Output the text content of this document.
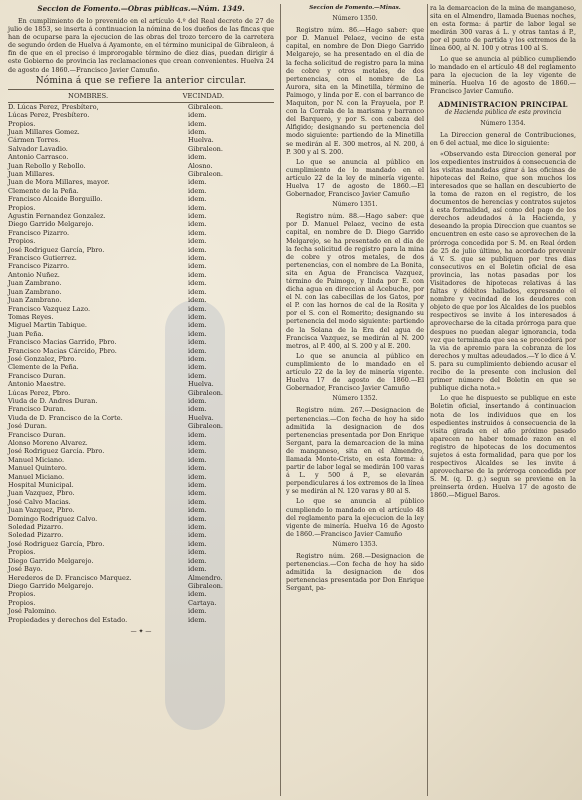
Seccion de Fomento.—Obras públicas.—Núm. 1349.

En cumplimiento de lo prevenido en el artículo 4.º del Real decreto de 27 de julio de 1853, se inserta á continuacion la nómina de los dueños de las fincas que han de ocuparse para la ejecucion de las obras del trozo tercero de la carretera de segundo órden de Huelva á Ayamonte, en el término municipal de Gibraleon, á fin de que en el preciso é improrogable término de diez dias, puedan dirigir á este Gobierno de provincia las reclamaciones que crean convenientes. Huelva 24 de agosto de 1860.—Francisco Javier Camuño.

Nómina á que se refiere la anterior circular.
NOMBRES.	VECINDAD.
D. Lúcas Perez, Presbítero,	Gibraleon.
Lúcas Perez, Presbítero.	idem.
Propios.	idem.
Juan Millares Gomez.	idem.
Cármen Torres.	Huelva.
Salvador Lavadio.	Gibraleon.
Antonio Carrasco.	idem.
Juan Rebollo y Rebollo.	Alosno.
Juan Millares.	Gibraleon.
Juan de Mora Millares, mayor.	idem.
Clemente de la Peña.	idem.
Francisco Alcaide Borguillo.	idem.
Propios.	idem.
Agustin Fernandez Gonzalez.	idem.
Diego Garrido Melgarejo.	idem.
Francisco Pizarro.	idem.
Propios.	idem.
José Rodriguez García, Pbro.	idem.
Francisco Gutierrez.	idem.
Francisco Pizarro.	idem.
Antonio Nuñez.	idem.
Juan Zambrano.	idem.
Juan Zambrano.	idem.
Juan Zambrano.	idem.
Francisco Vazquez Lazo.	idem.
Tomas Reyes.	idem.
Miguel Martin Tabique.	idem.
Juan Peña.	idem.
Francisco Macias Garrido, Pbro.	idem.
Francisco Macias Cárcido, Pbro.	idem.
José Gonzalez, Pbro.	idem.
Clemente de la Peña.	idem.
Francisco Duran.	idem.
Antonio Maestre.	Huelva.
Lúcas Perez, Pbro.	Gibraleon.
Viuda de D. Andres Duran.	idem.
Francisco Duran.	idem.
Viuda de D. Francisco de la Corte.	Huelva.
José Duran.	Gibraleon.
Francisco Duran.	idem.
Alonso Moreno Alvarez.	idem.
José Rodriguez García. Pbro.	idem.
Manuel Miciano.	idem.
Manuel Quintero.	idem.
Manuel Miciano.	idem.
Hospital Municipal.	idem.
Juan Vazquez, Pbro.	idem.
José Calvo Macias.	idem.
Juan Vazquez, Pbro.	idem.
Domingo Rodriguez Calvo.	idem.
Soledad Pizarro.	idem.
Soledad Pizarro.	idem.
José Rodriguez García, Pbro.	idem.
Propios.	idem.
Diego Garrido Melgarejo.	idem.
José Bayo.	idem.
Herederos de D. Francisco Marquez.	Almendro.
Diego Garrido Melgarejo.	Gibraleon.
Propios.	idem.
Propios.	Cartaya.
José Palomino.	idem.
Propiedades y derechos del Estado.	idem.
— ✦ —
Seccion de Fomento.—Minas.
Número 1350.

Registro núm. 86.—Hago saber: que por D. Manuel Pelaez, vecino de esta capital, en nombre de Don Diego Garrido Melgarejo, se ha presentado en el dia de la fecha solicitud de registro para la mina de cobre y otros metales, de dos pertenencias, con el nombre de La Aurora, sita en la Minetilla, término de Paimogo, y linda por E. con el barranco de Maquiton, por N. con la Frayuela, por P. con la Corrala de la marisma y barranco del Barquero, y por S. con cabeza del Alfigido; designando su pertenencia del modo siguiente: partiendo de la Minetilla se medirán al E. 300 metros, al N. 200, á P. 300 y al S. 200.

Lo que se anuncia al público en cumplimiento de lo mandado en el artículo 22 de la ley de minería vigente. Huelva 17 de agosto de 1860.—El Gobernador, Francisco Javier Camuño

Número 1351.

Registro núm. 88.—Hago saber: que por D. Manuel Pelaez, vecino de esta capital, en nombre de D. Diego Garrido Melgarejo, se ha presentado en el dia de la fecha solicitud de registro para la mina de cobre y otros metales, de dos pertenencias, con el nombre de La Bonita, sita en Agua de Francisca Vazquez, término de Paimogo, y linda por E. con dicha agua en direccion al Acebuche, por el N. con las cabecillas de los Gatos, por el P. con las hornos de cal de la Rosita y por el S. con el Romerito; designando su pertenencia del modo siguiente: partiendo de la Solana de la Era del agua de Francisca Vazquez, se medirán al N. 200 metros, al P. 400, al S. 200 y al E. 200.

Lo que se anuncia al público en cumplimiento de lo mandado en el artículo 22 de la ley de minería vigente. Huelva 17 de agosto de 1860.—El Gobernador, Francisco Javier Camuño

Número 1352.

Registro núm. 267.—Designacion de pertenencias.—Con fecha de hoy ha sido admitida la designacion de dos pertenencias presentada por Don Enrique Sergant, para la demarcacion de la mina de manganeso, sita en el Almendro, llamada Monte-Cristo, en esta forma: á partir de labor legal se medirán 100 varas á L. y 500 á P., se elevarán perpendiculares á los extremos de la línea y se medirán al N. 120 varas y 80 al S.

Lo que se anuncia al público cumpliendo lo mandado en el artículo 48 del reglamento para la ejecucion de la ley vigente de minería. Huelva 16 de Agosto de 1860.—Francisco Javier Camuño

Número 1353.

Registro núm. 268.—Designacion de pertenencias.—Con fecha de hoy ha sido admitida la designacion de dos pertenencias presentada por Don Enrique Sergant, pa-

ra la demarcacion de la mina de manganeso, sita en el Almendro, llamada Buenas noches, en esta forma: á partir de labor legal se medirán 300 varas á L. y otras tantas á P., por el punto de partida y los extremos de la línea 600, al N. 100 y otras 100 al S.

Lo que se anuncia al público cumpliendo lo mandado en el artículo 48 del reglamento para la ejecucion de la ley vigente de minería. Huelva 16 de agosto de 1860.—Francisco Javier Camuño.

ADMINISTRACION PRINCIPAL
de Hacienda pública de esta provincia
Número 1354.

La Direccion general de Contribuciones, en 6 del actual, me dice lo siguiente:

«Observando esta Direccion general por los expedientes instruidos á consecuencia de las visitas mandadas girar á las oficinas de hipotecas del Reino, que son muchos los interesados que se hallan en descubierto de la toma de razon en el registro, de los documentos de herencias y contratos sujetos á esta formalidad, así como del pago de los derechos adeudados á la Hacienda, y deseando la propia Direccion que cuantos se encuentren en este caso se aprovechen de la prórroga concedida por S. M. en Real órden de 25 de julio último, ha acordado prevenir á V. S. que se publiquen por tres dias consecutivos en el Boletin oficial de esa provincia, las notas pasadas por los Visitadores de hipotecas relativas á las faltas y débitos hallados, expresando el nombre y vecindad de los deudores con objeto de que por los Alcaldes de los pueblos respectivos se invite á los interesados á aprovecharse de la citada prórroga para que despues no puedan alegar ignorancia, toda vez que terminada que sea se procederá por la via de apremio para la cobranza de los derechos y multas adeudados.—Y lo dice á V. S. para su cumplimiento debiendo acusar el recibo de la presente con inclusion del primer número del Boletin en que se publique dicha nota.»

Lo que he dispuesto se publique en este Boletin oficial, insertando á continuacion nota de los individuos que en los espedientes instruidos á consecuencia de la visita girada en el año próximo pasado aparecen no haber tomado razon en el registro de hipotecas de los documentos sujetos á esta formalidad, para que por los respectivos Alcaldes se les invite á aprovecharse de la prórroga concedida por S. M. (q. D. g.) segun se previene en la preinserta órden. Huelva 17 de agosto de 1860.—Miguel Baros.
